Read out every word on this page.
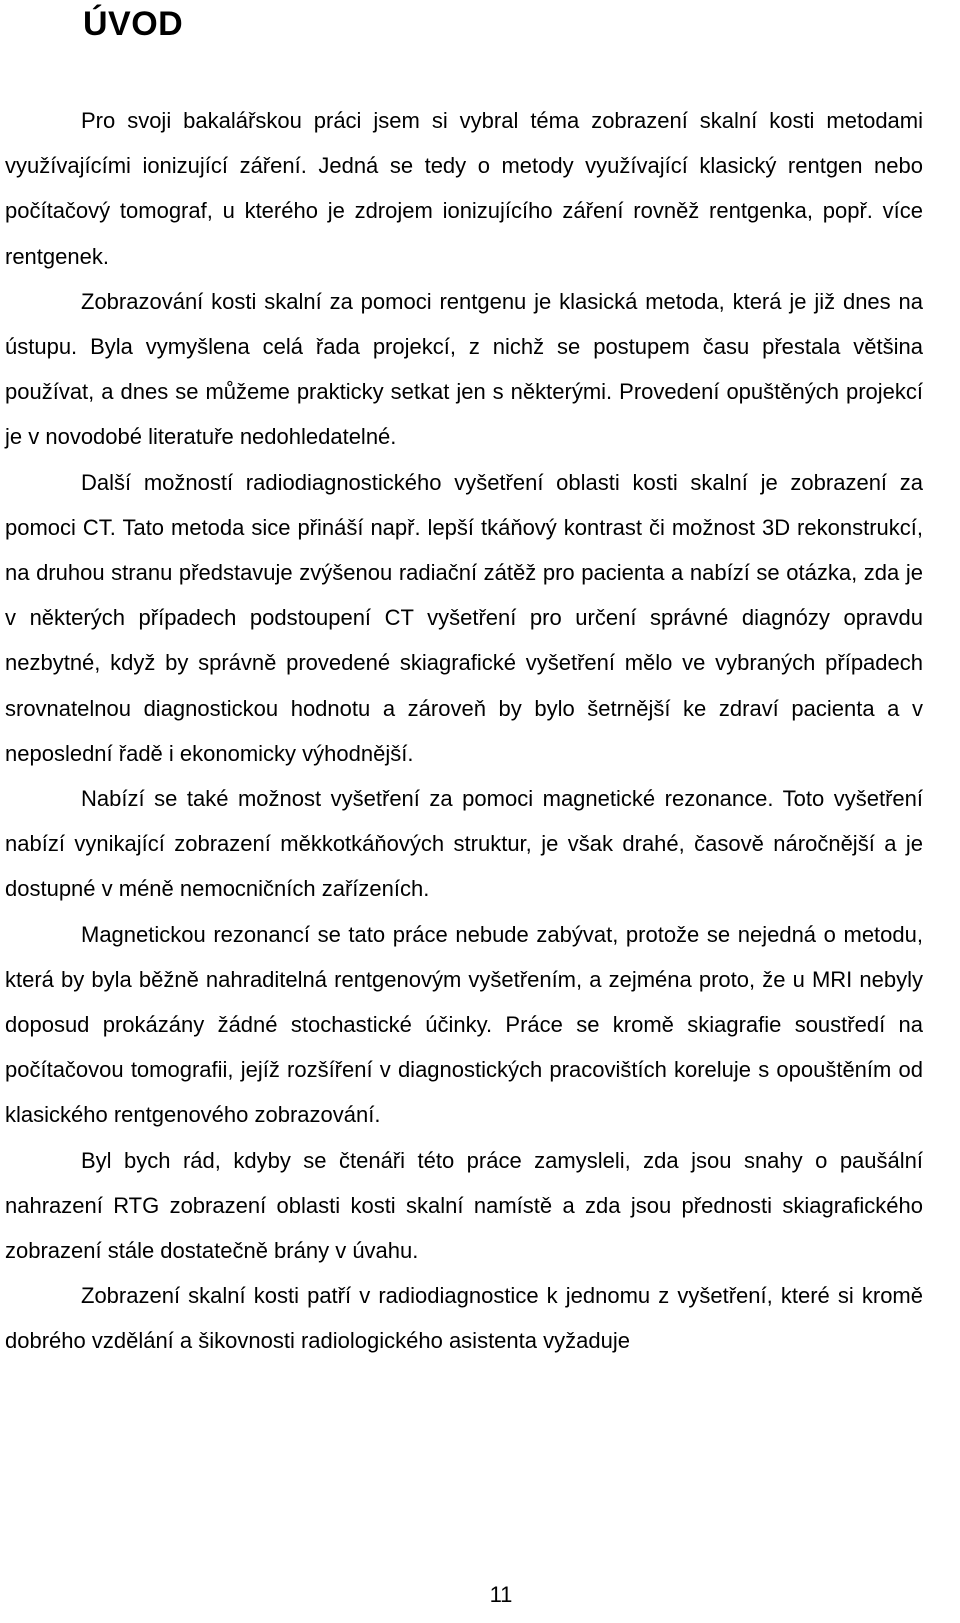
ÚVOD

Pro svoji bakalářskou práci jsem si vybral téma zobrazení skalní kosti metodami využívajícími ionizující záření. Jedná se tedy o metody využívající klasický rentgen nebo počítačový tomograf, u kterého je zdrojem ionizujícího záření rovněž rentgenka, popř. více rentgenek.

Zobrazování kosti skalní za pomoci rentgenu je klasická metoda, která je již dnes na ústupu. Byla vymyšlena celá řada projekcí, z nichž se postupem času přestala většina používat, a dnes se můžeme prakticky setkat jen s některými. Provedení opuštěných projekcí je v novodobé literatuře nedohledatelné.

Další možností radiodiagnostického vyšetření oblasti kosti skalní je zobrazení za pomoci CT. Tato metoda sice přináší např. lepší tkáňový kontrast či možnost 3D rekonstrukcí, na druhou stranu představuje zvýšenou radiační zátěž pro pacienta a nabízí se otázka, zda je v některých případech podstoupení CT vyšetření pro určení správné diagnózy opravdu nezbytné, když by správně provedené skiagrafické vyšetření mělo ve vybraných případech srovnatelnou diagnostickou hodnotu a zároveň by bylo šetrnější ke zdraví pacienta a v neposlední řadě i ekonomicky výhodnější.

Nabízí se také možnost vyšetření za pomoci magnetické rezonance. Toto vyšetření nabízí vynikající zobrazení měkkotkáňových struktur, je však drahé, časově náročnější a je dostupné v méně nemocničních zařízeních.

Magnetickou rezonancí se tato práce nebude zabývat, protože se nejedná o metodu, která by byla běžně nahraditelná rentgenovým vyšetřením, a zejména proto, že u MRI nebyly doposud prokázány žádné stochastické účinky. Práce se kromě skiagrafie soustředí na počítačovou tomografii, jejíž rozšíření v diagnostických pracovištích koreluje s opouštěním od klasického rentgenového zobrazování.

Byl bych rád, kdyby se čtenáři této práce zamysleli, zda jsou snahy o paušální nahrazení RTG zobrazení oblasti kosti skalní namístě a zda jsou přednosti skiagrafického zobrazení stále dostatečně brány v úvahu.

Zobrazení skalní kosti patří v radiodiagnostice k jednomu z vyšetření, které si kromě dobrého vzdělání a šikovnosti radiologického asistenta vyžaduje

11
